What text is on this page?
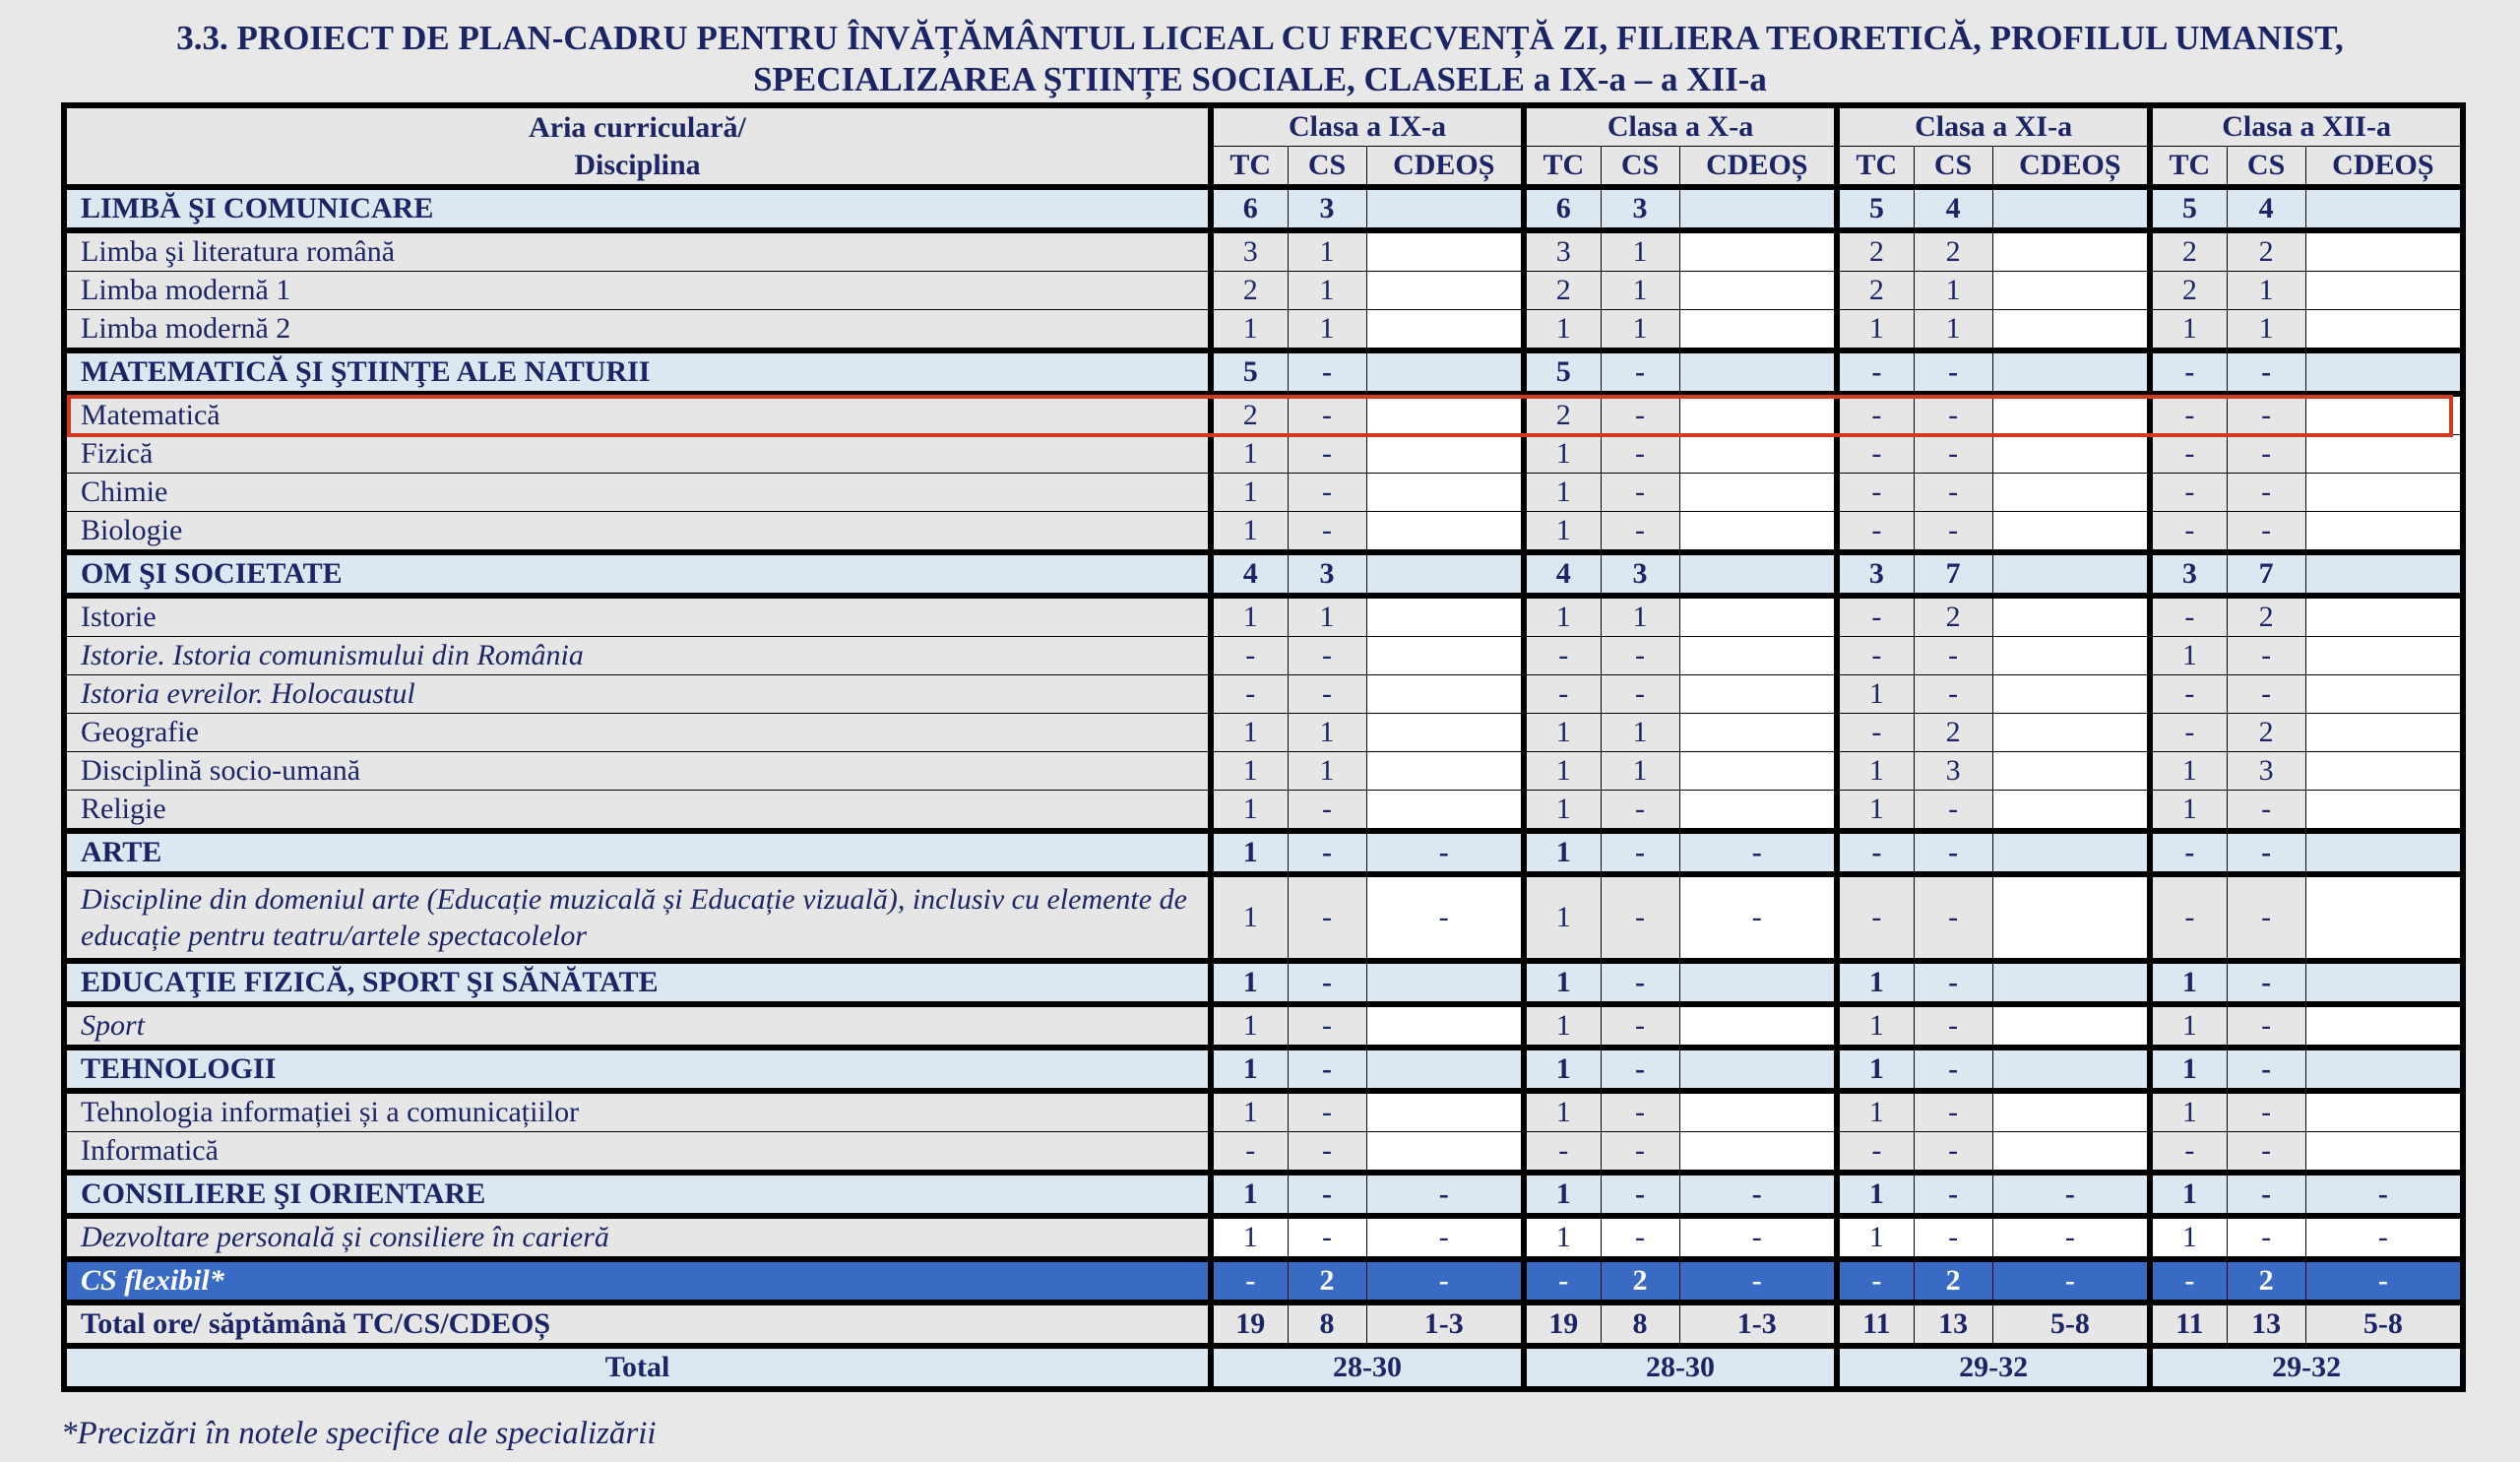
3.3. PROIECT DE PLAN-CADRU PENTRU ÎNVĂȚĂMÂNTUL LICEAL CU FRECVENȚĂ ZI, FILIERA TEORETICĂ, PROFILUL UMANIST,
SPECIALIZAREA ŞTIINȚE SOCIALE, CLASELE a IX-a – a XII-a
Aria curriculară/
Disciplina	Clasa a IX-a			Clasa a X-a			Clasa a XI-a			Clasa a XII-a		
	TC	CS	CDEOȘ	TC	CS	CDEOȘ	TC	CS	CDEOȘ	TC	CS	CDEOȘ
LIMBĂ ŞI COMUNICARE	6	3		6	3		5	4		5	4	
Limba şi literatura română	3	1		3	1		2	2		2	2	
Limba modernă 1	2	1		2	1		2	1		2	1	
Limba modernă 2	1	1		1	1		1	1		1	1	
MATEMATICĂ ŞI ŞTIINŢE ALE NATURII	5	-		5	-		-	-		-	-	
Matematică	2	-		2	-		-	-		-	-	
Fizică	1	-		1	-		-	-		-	-	
Chimie	1	-		1	-		-	-		-	-	
Biologie	1	-		1	-		-	-		-	-	
OM ŞI SOCIETATE	4	3		4	3		3	7		3	7	
Istorie	1	1		1	1		-	2		-	2	
Istorie. Istoria comunismului din România	-	-		-	-		-	-		1	-	
Istoria evreilor. Holocaustul	-	-		-	-		1	-		-	-	
Geografie	1	1		1	1		-	2		-	2	
Disciplină socio-umană	1	1		1	1		1	3		1	3	
Religie	1	-		1	-		1	-		1	-	
ARTE	1	-	-	1	-	-	-	-		-	-	
Discipline din domeniul arte (Educație muzicală și Educație vizuală), inclusiv cu elemente de educație pentru teatru/artele spectacolelor	1	-	-	1	-	-	-	-		-	-	
EDUCAŢIE FIZICĂ, SPORT ŞI SĂNĂTATE	1	-		1	-		1	-		1	-	
Sport	1	-		1	-		1	-		1	-	
TEHNOLOGII	1	-		1	-		1	-		1	-	
Tehnologia informației și a comunicațiilor	1	-		1	-		1	-		1	-	
Informatică	-	-		-	-		-	-		-	-	
CONSILIERE ŞI ORIENTARE	1	-	-	1	-	-	1	-	-	1	-	-
Dezvoltare personală și consiliere în carieră	1	-	-	1	-	-	1	-	-	1	-	-
CS flexibil*	-	2	-	-	2	-	-	2	-	-	2	-
Total ore/ săptămână TC/CS/CDEOȘ	19	8	1-3	19	8	1-3	11	13	5-8	11	13	5-8
Total	28-30			28-30			29-32			29-32		
*Precizări în notele specifice ale specializării
